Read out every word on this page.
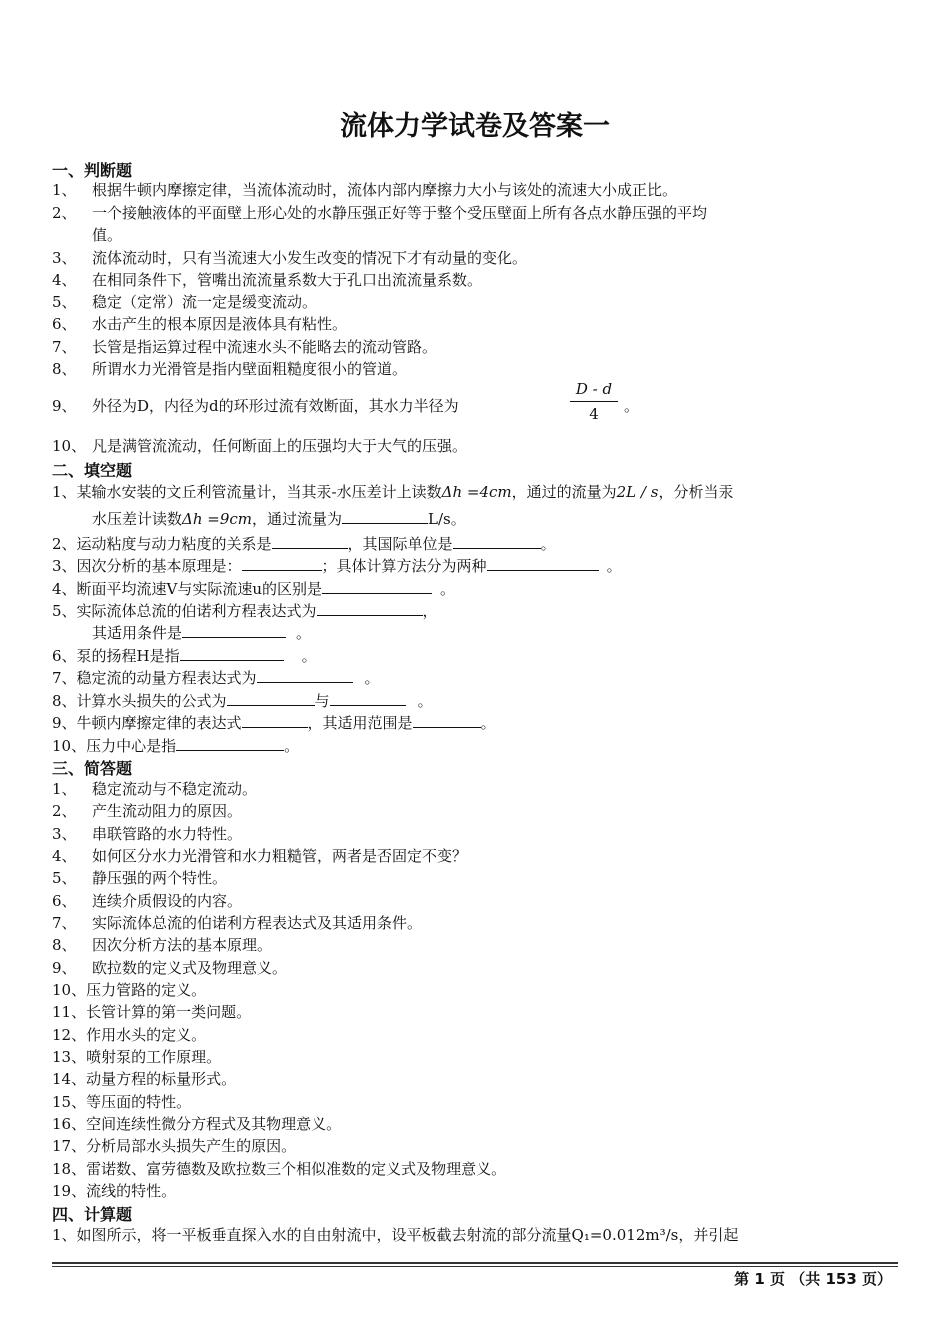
流体力学试卷及答案一
一、判断题
1、 根据牛顿内摩擦定律，当流体流动时，流体内部内摩擦力大小与该处的流速大小成正比。
2、 一个接触液体的平面壁上形心处的水静压强正好等于整个受压壁面上所有各点水静压强的平均
值。
3、 流体流动时，只有当流速大小发生改变的情况下才有动量的变化。
4、 在相同条件下，管嘴出流流量系数大于孔口出流流量系数。
5、 稳定（定常）流一定是缓变流动。
6、 水击产生的根本原因是液体具有粘性。
7、 长管是指运算过程中流速水头不能略去的流动管路。
8、 所谓水力光滑管是指内壁面粗糙度很小的管道。
9、 外径为D，内径为d的环形过流有效断面，其水力半径为	。
D - d
4
10、 凡是满管流流动，任何断面上的压强均大于大气的压强。
二、填空题
1、某输水安装的文丘利管流量计，当其汞-水压差计上读数Δh =4cm，通过的流量为2L / s，分析当汞
水压差计读数Δh =9cm，通过流量为	L/s。
2、运动粘度与动力粘度的关系是	，其国际单位是	。
3、因次分析的基本原理是：	；具体计算方法分为两种	。
4、断面平均流速V与实际流速u的区别是	。
5、实际流体总流的伯诺利方程表达式为	，
其适用条件是	。
6、泵的扬程H是指	。
7、稳定流的动量方程表达式为	。
8、计算水头损失的公式为	与	。
9、牛顿内摩擦定律的表达式	，其适用范围是	。
10、压力中心是指	。
三、简答题
1、 稳定流动与不稳定流动。
2、 产生流动阻力的原因。
3、 串联管路的水力特性。
4、 如何区分水力光滑管和水力粗糙管，两者是否固定不变？
5、 静压强的两个特性。
6、 连续介质假设的内容。
7、 实际流体总流的伯诺利方程表达式及其适用条件。
8、 因次分析方法的基本原理。
9、 欧拉数的定义式及物理意义。
10、压力管路的定义。
11、长管计算的第一类问题。
12、作用水头的定义。
13、喷射泵的工作原理。
14、动量方程的标量形式。
15、等压面的特性。
16、空间连续性微分方程式及其物理意义。
17、分析局部水头损失产生的原因。
18、雷诺数、富劳德数及欧拉数三个相似准数的定义式及物理意义。
19、流线的特性。
四、计算题
1、如图所示，将一平板垂直探入水的自由射流中，设平板截去射流的部分流量Q₁=0.012m³/s，并引起
第 1 页 （共 153 页）
